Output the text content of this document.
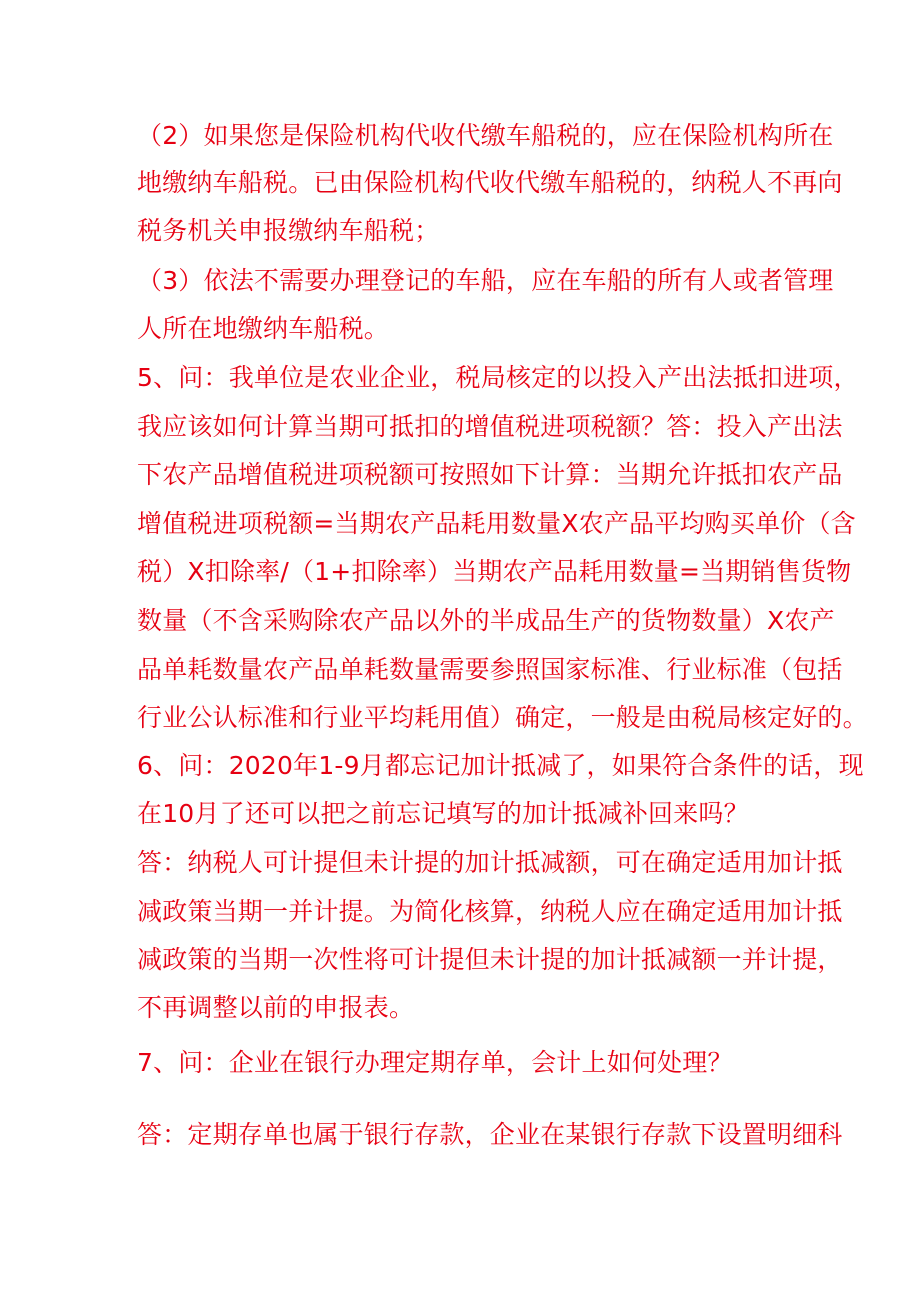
（2）如果您是保险机构代收代缴车船税的，应在保险机构所在
地缴纳车船税。已由保险机构代收代缴车船税的，纳税人不再向
税务机关申报缴纳车船税；
（3）依法不需要办理登记的车船，应在车船的所有人或者管理
人所在地缴纳车船税。
5、问：我单位是农业企业，税局核定的以投入产出法抵扣进项，
我应该如何计算当期可抵扣的增值税进项税额？答：投入产出法
下农产品增值税进项税额可按照如下计算：当期允许抵扣农产品
增值税进项税额=当期农产品耗用数量X农产品平均购买单价（含
税）X扣除率/（1+扣除率）当期农产品耗用数量=当期销售货物
数量（不含采购除农产品以外的半成品生产的货物数量）X农产
品单耗数量农产品单耗数量需要参照国家标准、行业标准（包括
行业公认标准和行业平均耗用值）确定，一般是由税局核定好的。
6、问：2020年1-9月都忘记加计抵减了，如果符合条件的话，现
在10月了还可以把之前忘记填写的加计抵减补回来吗？
答：纳税人可计提但未计提的加计抵减额，可在确定适用加计抵
减政策当期一并计提。为简化核算，纳税人应在确定适用加计抵
减政策的当期一次性将可计提但未计提的加计抵减额一并计提，
不再调整以前的申报表。
7、问：企业在银行办理定期存单，会计上如何处理？
答：定期存单也属于银行存款，企业在某银行存款下设置明细科
